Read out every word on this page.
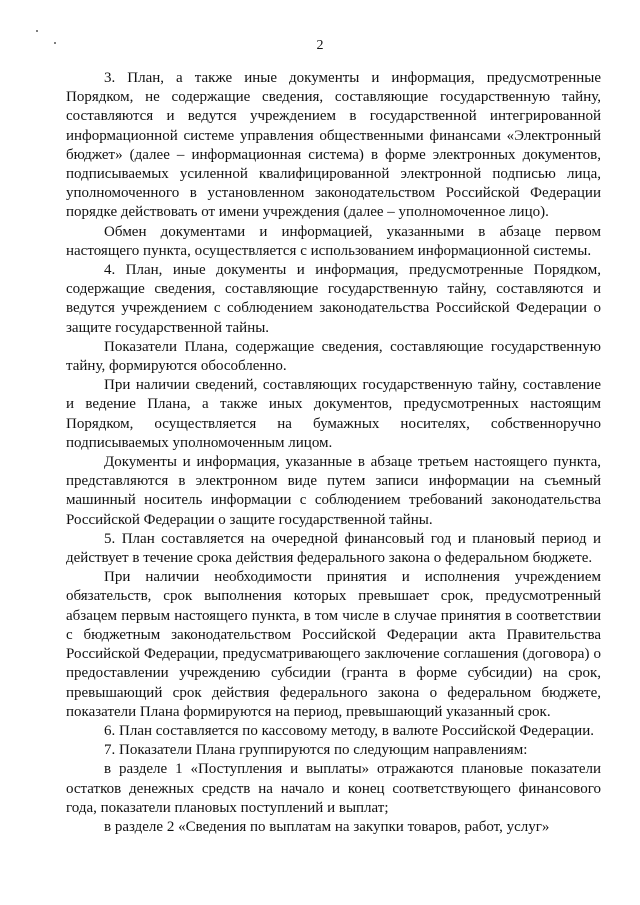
2

3. План, а также иные документы и информация, предусмотренные Порядком, не содержащие сведения, составляющие государственную тайну, составляются и ведутся учреждением в государственной интегрированной информационной системе управления общественными финансами «Электронный бюджет» (далее – информационная система) в форме электронных документов, подписываемых усиленной квалифицированной электронной подписью лица, уполномоченного в установленном законодательством Российской Федерации порядке действовать от имени учреждения (далее – уполномоченное лицо).

Обмен документами и информацией, указанными в абзаце первом настоящего пункта, осуществляется с использованием информационной системы.

4. План, иные документы и информация, предусмотренные Порядком, содержащие сведения, составляющие государственную тайну, составляются и ведутся учреждением с соблюдением законодательства Российской Федерации о защите государственной тайны.

Показатели Плана, содержащие сведения, составляющие государственную тайну, формируются обособленно.

При наличии сведений, составляющих государственную тайну, составление и ведение Плана, а также иных документов, предусмотренных настоящим Порядком, осуществляется на бумажных носителях, собственноручно подписываемых уполномоченным лицом.

Документы и информация, указанные в абзаце третьем настоящего пункта, представляются в электронном виде путем записи информации на съемный машинный носитель информации с соблюдением требований законодательства Российской Федерации о защите государственной тайны.

5. План составляется на очередной финансовый год и плановый период и действует в течение срока действия федерального закона о федеральном бюджете.

При наличии необходимости принятия и исполнения учреждением обязательств, срок выполнения которых превышает срок, предусмотренный абзацем первым настоящего пункта, в том числе в случае принятия в соответствии с бюджетным законодательством Российской Федерации акта Правительства Российской Федерации, предусматривающего заключение соглашения (договора) о предоставлении учреждению субсидии (гранта в форме субсидии) на срок, превышающий срок действия федерального закона о федеральном бюджете, показатели Плана формируются на период, превышающий указанный срок.

6. План составляется по кассовому методу, в валюте Российской Федерации.

7. Показатели Плана группируются по следующим направлениям:

в разделе 1 «Поступления и выплаты» отражаются плановые показатели остатков денежных средств на начало и конец соответствующего финансового года, показатели плановых поступлений и выплат;

в разделе 2 «Сведения по выплатам на закупки товаров, работ, услуг»
